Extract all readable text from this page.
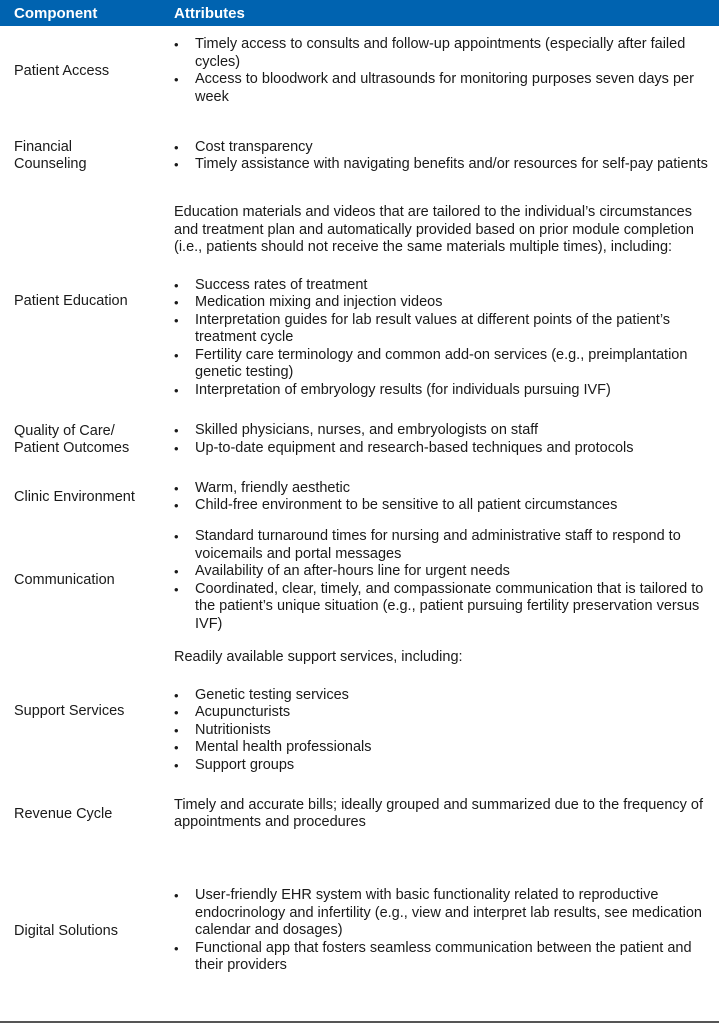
Component	Attributes
Patient Access
• Timely access to consults and follow-up appointments (especially after failed cycles)
• Access to bloodwork and ultrasounds for monitoring purposes seven days per week
Financial Counseling
• Cost transparency
• Timely assistance with navigating benefits and/or resources for self-pay patients
Patient Education

Education materials and videos that are tailored to the individual’s circumstances and treatment plan and automatically provided based on prior module completion (i.e., patients should not receive the same materials multiple times), including:

• Success rates of treatment
• Medication mixing and injection videos
• Interpretation guides for lab result values at different points of the patient’s treatment cycle
• Fertility care terminology and common add-on services (e.g., preimplantation genetic testing)
• Interpretation of embryology results (for individuals pursuing IVF)
Quality of Care/ Patient Outcomes
• Skilled physicians, nurses, and embryologists on staff
• Up-to-date equipment and research-based techniques and protocols
Clinic Environment
• Warm, friendly aesthetic
• Child-free environment to be sensitive to all patient circumstances
Communication
• Standard turnaround times for nursing and administrative staff to respond to voicemails and portal messages
• Availability of an after-hours line for urgent needs
• Coordinated, clear, timely, and compassionate communication that is tailored to the patient’s unique situation (e.g., patient pursuing fertility preservation versus IVF)
Support Services

Readily available support services, including:

• Genetic testing services
• Acupuncturists
• Nutritionists
• Mental health professionals
• Support groups
Revenue Cycle

Timely and accurate bills; ideally grouped and summarized due to the frequency of appointments and procedures

Digital Solutions
• User-friendly EHR system with basic functionality related to reproductive endocrinology and infertility (e.g., view and interpret lab results, see medication calendar and dosages)
• Functional app that fosters seamless communication between the patient and their providers
